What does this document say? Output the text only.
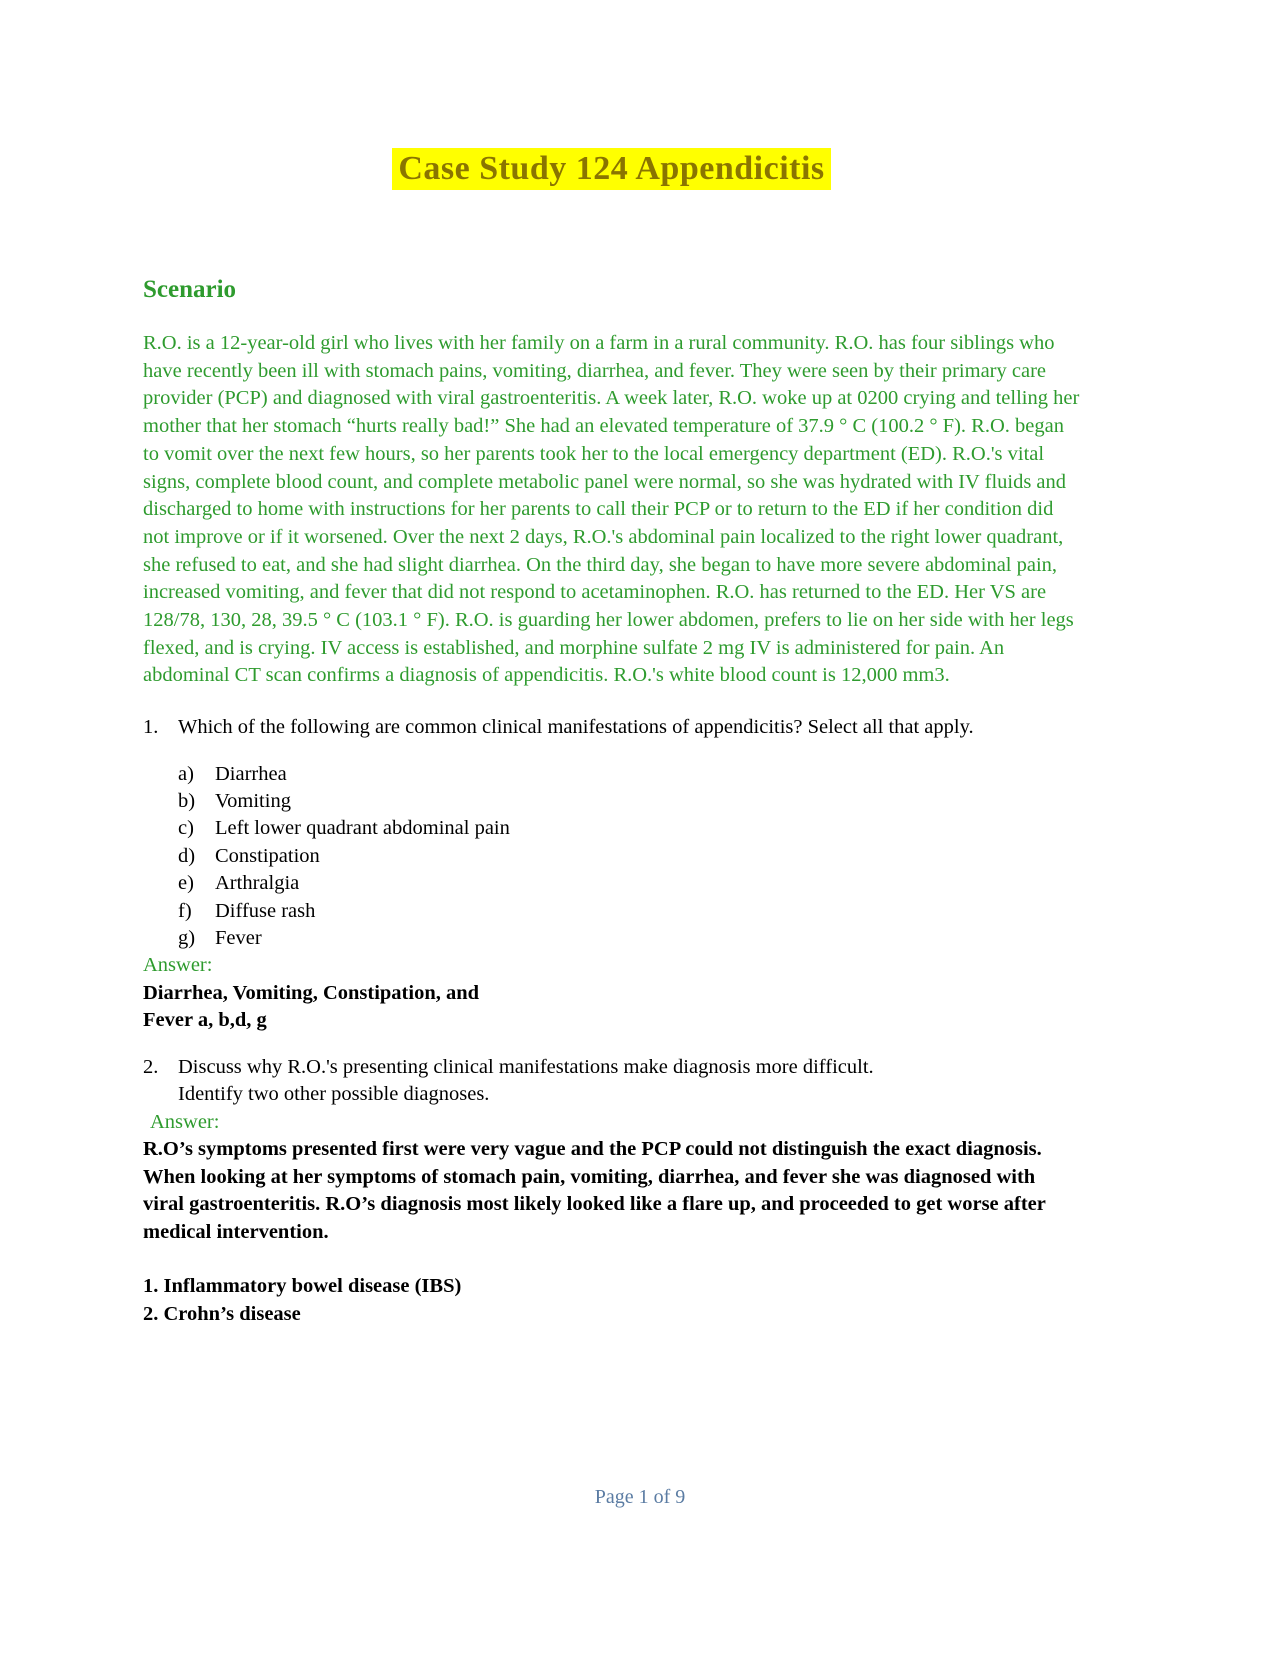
Case Study 124 Appendicitis
Scenario
R.O. is a 12-year-old girl who lives with her family on a farm in a rural community. R.O. has four siblings who have recently been ill with stomach pains, vomiting, diarrhea, and fever. They were seen by their primary care provider (PCP) and diagnosed with viral gastroenteritis. A week later, R.O. woke up at 0200 crying and telling her mother that her stomach “hurts really bad!” She had an elevated temperature of 37.9 ° C (100.2 ° F). R.O. began to vomit over the next few hours, so her parents took her to the local emergency department (ED). R.O.'s vital signs, complete blood count, and complete metabolic panel were normal, so she was hydrated with IV fluids and discharged to home with instructions for her parents to call their PCP or to return to the ED if her condition did not improve or if it worsened. Over the next 2 days, R.O.'s abdominal pain localized to the right lower quadrant, she refused to eat, and she had slight diarrhea. On the third day, she began to have more severe abdominal pain, increased vomiting, and fever that did not respond to acetaminophen. R.O. has returned to the ED. Her VS are 128/78, 130, 28, 39.5 ° C (103.1 ° F). R.O. is guarding her lower abdomen, prefers to lie on her side with her legs flexed, and is crying. IV access is established, and morphine sulfate 2 mg IV is administered for pain. An abdominal CT scan confirms a diagnosis of appendicitis. R.O.'s white blood count is 12,000 mm3.
1. Which of the following are common clinical manifestations of appendicitis? Select all that apply.
a)	Diarrhea
b) Vomiting
c)	Left lower quadrant abdominal pain
d) Constipation
e)	Arthralgia
f)	Diffuse rash
g) Fever
Answer:
Diarrhea, Vomiting, Constipation, and
Fever a, b,d, g
2. Discuss why R.O.'s presenting clinical manifestations make diagnosis more difficult.
Identify two other possible diagnoses.
Answer:
R.O’s symptoms presented first were very vague and the PCP could not distinguish the exact diagnosis. When looking at her symptoms of stomach pain, vomiting, diarrhea, and fever she was diagnosed with viral gastroenteritis. R.O’s diagnosis most likely looked like a flare up, and proceeded to get worse after medical intervention.
1. Inflammatory bowel disease (IBS)
2. Crohn’s disease
Page 1 of 9
